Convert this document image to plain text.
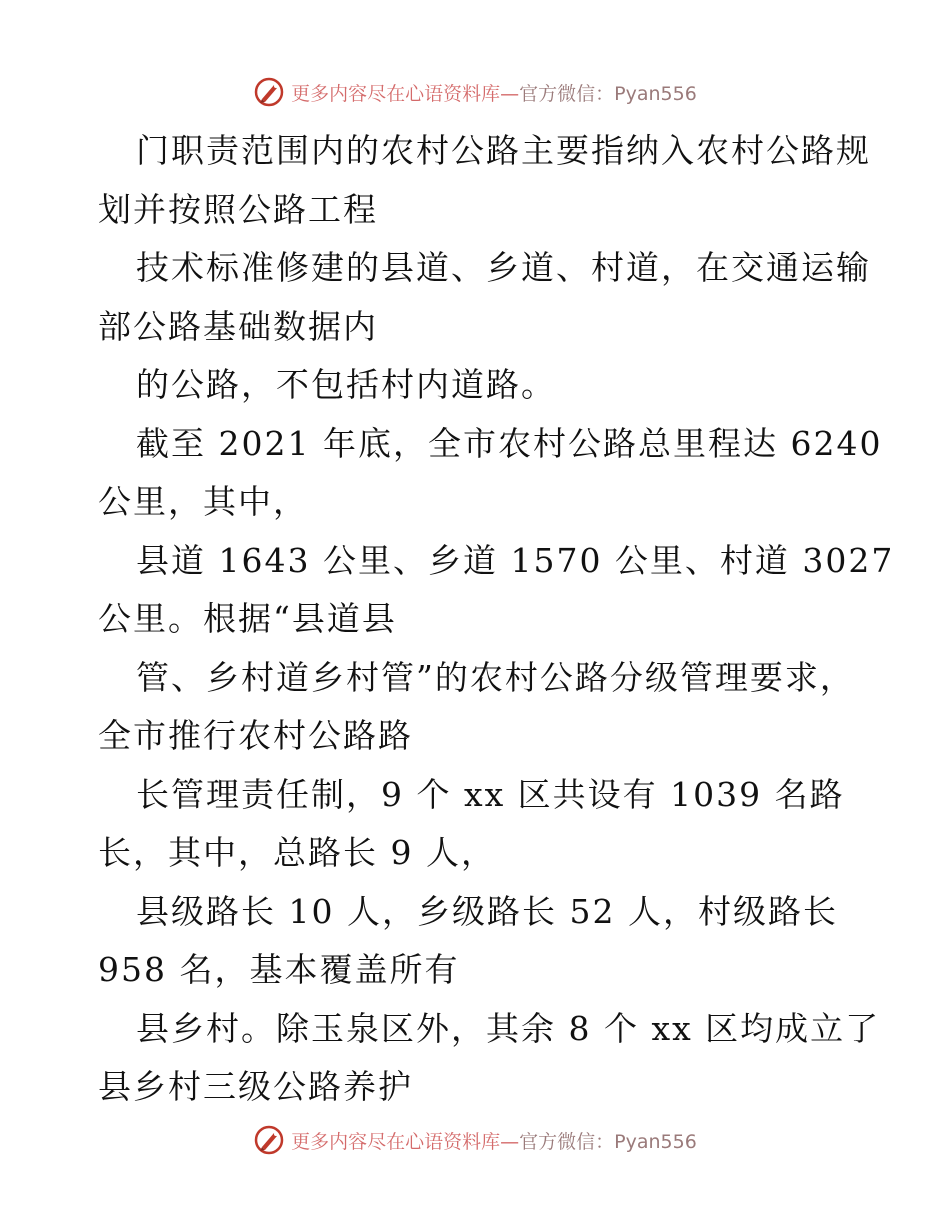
更多内容尽在心语资料库—官方微信：Pyan556
门职责范围内的农村公路主要指纳入农村公路规
划并按照公路工程
技术标准修建的县道、乡道、村道，在交通运输
部公路基础数据内
的公路，不包括村内道路。
截至 2021 年底，全市农村公路总里程达 6240
公里，其中，
县道 1643 公里、乡道 1570 公里、村道 3027
公里。根据“县道县
管、乡村道乡村管”的农村公路分级管理要求，
全市推行农村公路路
长管理责任制，9 个 xx 区共设有 1039 名路
长，其中，总路长 9 人，
县级路长 10 人，乡级路长 52 人，村级路长
958 名，基本覆盖所有
县乡村。除玉泉区外，其余 8 个 xx 区均成立了
县乡村三级公路养护
更多内容尽在心语资料库—官方微信：Pyan556
